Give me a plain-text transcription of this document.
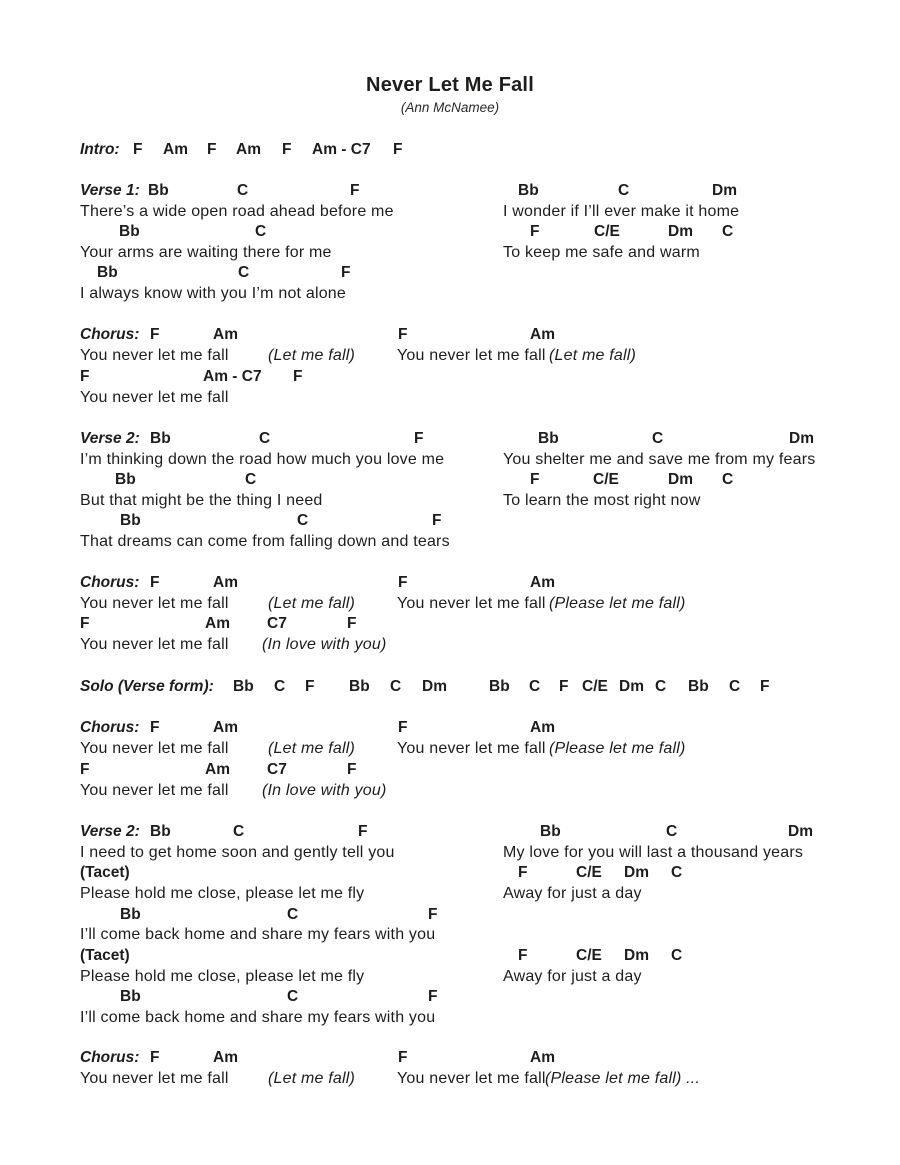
Never Let Me Fall
(Ann McNamee)
Intro: F Am F Am F Am - C7 F
Verse 1: Bb	C	F	Bb	C	Dm
There’s a wide open road ahead before me	I wonder if I’ll ever make it home
Bb	C	F	C/E	Dm C
Your arms are waiting there for me	To keep me safe and warm
Bb	C	F
I always know with you I’m not alone
Chorus: F	Am	F	Am
You never let me fall (Let me fall)	You never let me fall (Let me fall)
F	Am - C7 F
You never let me fall
Verse 2: Bb	C	F	Bb	C	Dm
I’m thinking down the road how much you love me	You shelter me and save me from my fears
Bb	C	F	C/E	Dm C
But that might be the thing I need	To learn the most right now
Bb	C	F
That dreams can come from falling down and tears
Chorus: F	Am	F	Am
You never let me fall (Let me fall)	You never let me fall (Please let me fall)
F	Am C7	F
You never let me fall (In love with you)
Solo (Verse form): Bb C F Bb C Dm	Bb C F C/E Dm C Bb C F
Chorus: F	Am	F	Am
You never let me fall (Let me fall)	You never let me fall (Please let me fall)
F	Am C7	F
You never let me fall (In love with you)
Verse 2: Bb	C	F	Bb	C	Dm
I need to get home soon and gently tell you	My love for you will last a thousand years
(Tacet)	F	C/E Dm C
Please hold me close, please let me fly	Away for just a day
Bb	C	F
I’ll come back home and share my fears with you
(Tacet)	F	C/E Dm C
Please hold me close, please let me fly	Away for just a day
Bb	C	F
I’ll come back home and share my fears with you
Chorus: F	Am	F	Am
You never let me fall (Let me fall)	You never let me fall (Please let me fall) ...
